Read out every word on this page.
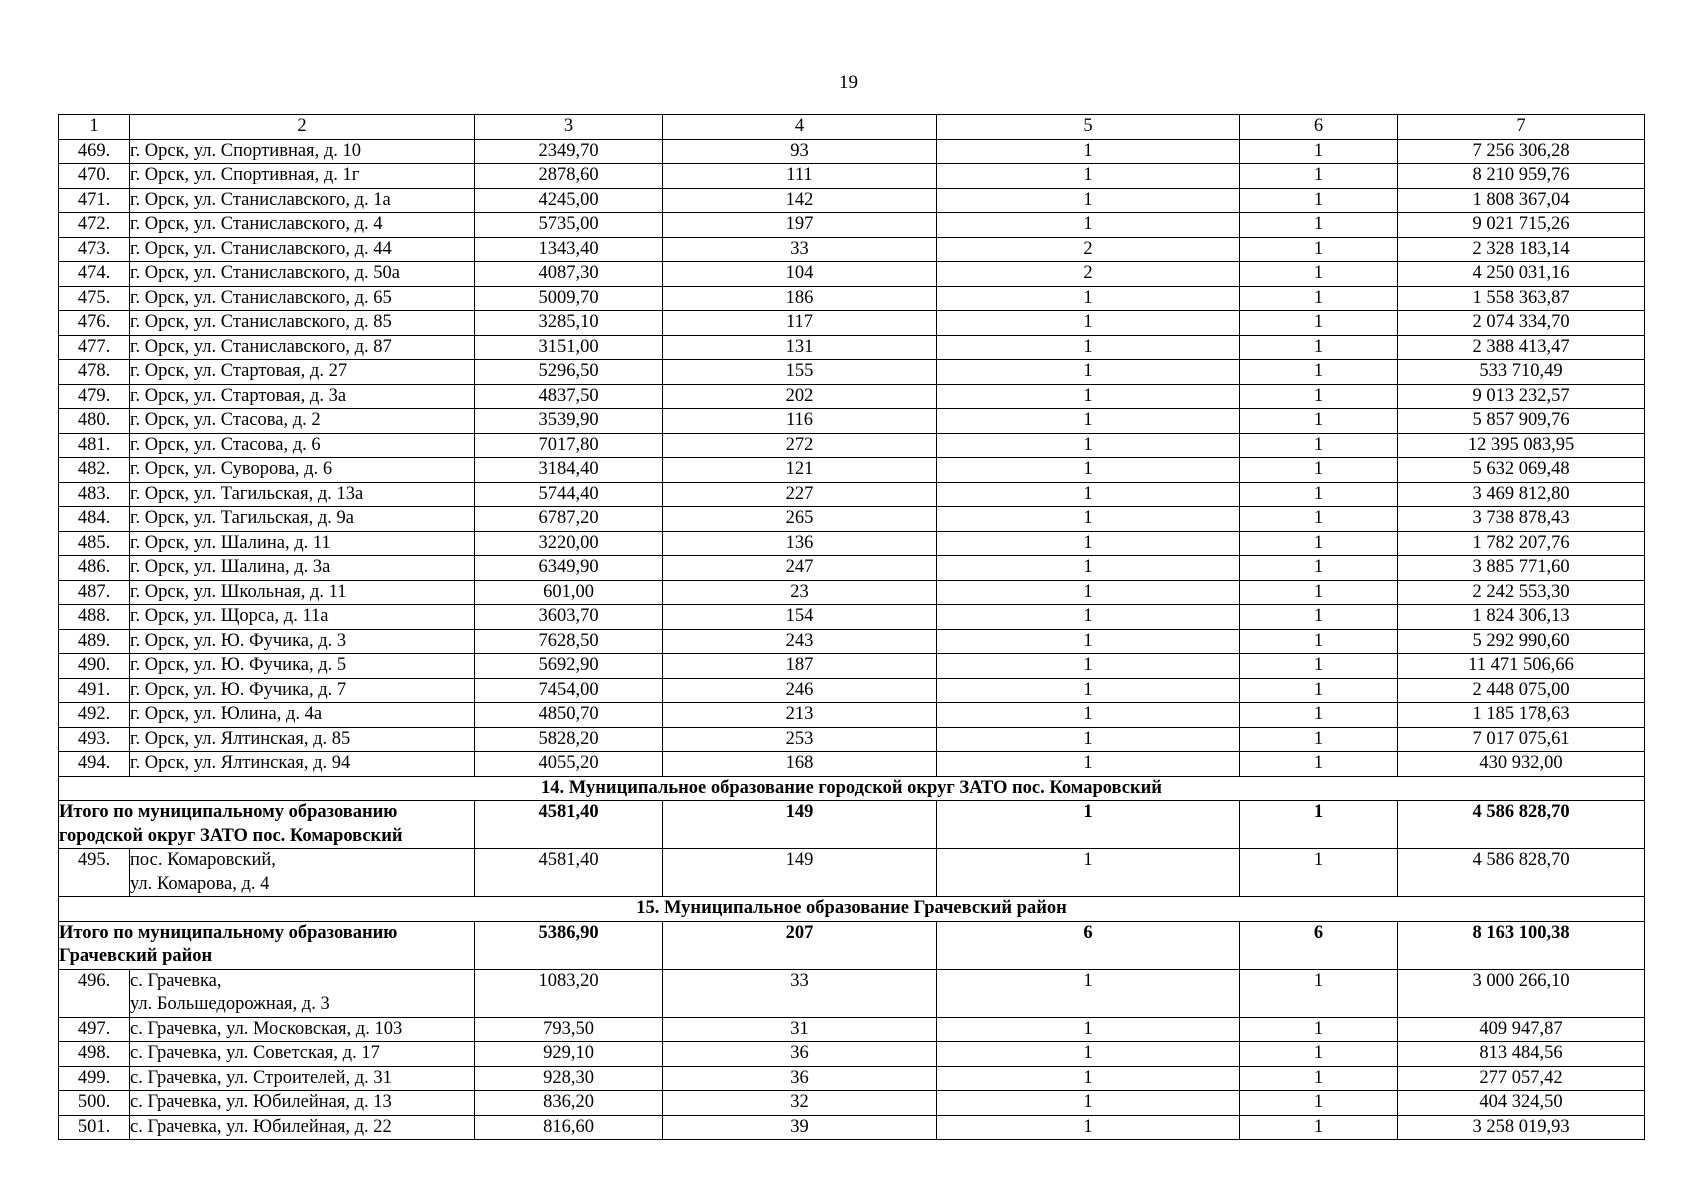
19
1	2	3	4	5	6	7
469.	г. Орск, ул. Спортивная, д. 10	2349,70	93	1	1	7 256 306,28
470.	г. Орск, ул. Спортивная, д. 1г	2878,60	111	1	1	8 210 959,76
471.	г. Орск, ул. Станиславского, д. 1а	4245,00	142	1	1	1 808 367,04
472.	г. Орск, ул. Станиславского, д. 4	5735,00	197	1	1	9 021 715,26
473.	г. Орск, ул. Станиславского, д. 44	1343,40	33	2	1	2 328 183,14
474.	г. Орск, ул. Станиславского, д. 50а	4087,30	104	2	1	4 250 031,16
475.	г. Орск, ул. Станиславского, д. 65	5009,70	186	1	1	1 558 363,87
476.	г. Орск, ул. Станиславского, д. 85	3285,10	117	1	1	2 074 334,70
477.	г. Орск, ул. Станиславского, д. 87	3151,00	131	1	1	2 388 413,47
478.	г. Орск, ул. Стартовая, д. 27	5296,50	155	1	1	533 710,49
479.	г. Орск, ул. Стартовая, д. 3а	4837,50	202	1	1	9 013 232,57
480.	г. Орск, ул. Стасова, д. 2	3539,90	116	1	1	5 857 909,76
481.	г. Орск, ул. Стасова, д. 6	7017,80	272	1	1	12 395 083,95
482.	г. Орск, ул. Суворова, д. 6	3184,40	121	1	1	5 632 069,48
483.	г. Орск, ул. Тагильская, д. 13а	5744,40	227	1	1	3 469 812,80
484.	г. Орск, ул. Тагильская, д. 9а	6787,20	265	1	1	3 738 878,43
485.	г. Орск, ул. Шалина, д. 11	3220,00	136	1	1	1 782 207,76
486.	г. Орск, ул. Шалина, д. 3а	6349,90	247	1	1	3 885 771,60
487.	г. Орск, ул. Школьная, д. 11	601,00	23	1	1	2 242 553,30
488.	г. Орск, ул. Щорса, д. 11а	3603,70	154	1	1	1 824 306,13
489.	г. Орск, ул. Ю. Фучика, д. 3	7628,50	243	1	1	5 292 990,60
490.	г. Орск, ул. Ю. Фучика, д. 5	5692,90	187	1	1	11 471 506,66
491.	г. Орск, ул. Ю. Фучика, д. 7	7454,00	246	1	1	2 448 075,00
492.	г. Орск, ул. Юлина, д. 4а	4850,70	213	1	1	1 185 178,63
493.	г. Орск, ул. Ялтинская, д. 85	5828,20	253	1	1	7 017 075,61
494.	г. Орск, ул. Ялтинская, д. 94	4055,20	168	1	1	430 932,00
14. Муниципальное образование городской округ ЗАТО пос. Комаровский						

Итого по муниципальному образованию
городской округ ЗАТО пос. Комаровский		4581,40	149	1	1	4 586 828,70
495.	пос. Комаровский,
ул. Комарова, д. 4	4581,40	149	1	1	4 586 828,70
15. Муниципальное образование Грачевский район						

Итого по муниципальному образованию
Грачевский район		5386,90	207	6	6	8 163 100,38
496.	с. Грачевка,
ул. Большедорожная, д. 3	1083,20	33	1	1	3 000 266,10
497.	с. Грачевка, ул. Московская, д. 103	793,50	31	1	1	409 947,87
498.	с. Грачевка, ул. Советская, д. 17	929,10	36	1	1	813 484,56
499.	с. Грачевка, ул. Строителей, д. 31	928,30	36	1	1	277 057,42
500.	с. Грачевка, ул. Юбилейная, д. 13	836,20	32	1	1	404 324,50
501.	с. Грачевка, ул. Юбилейная, д. 22	816,60	39	1	1	3 258 019,93
